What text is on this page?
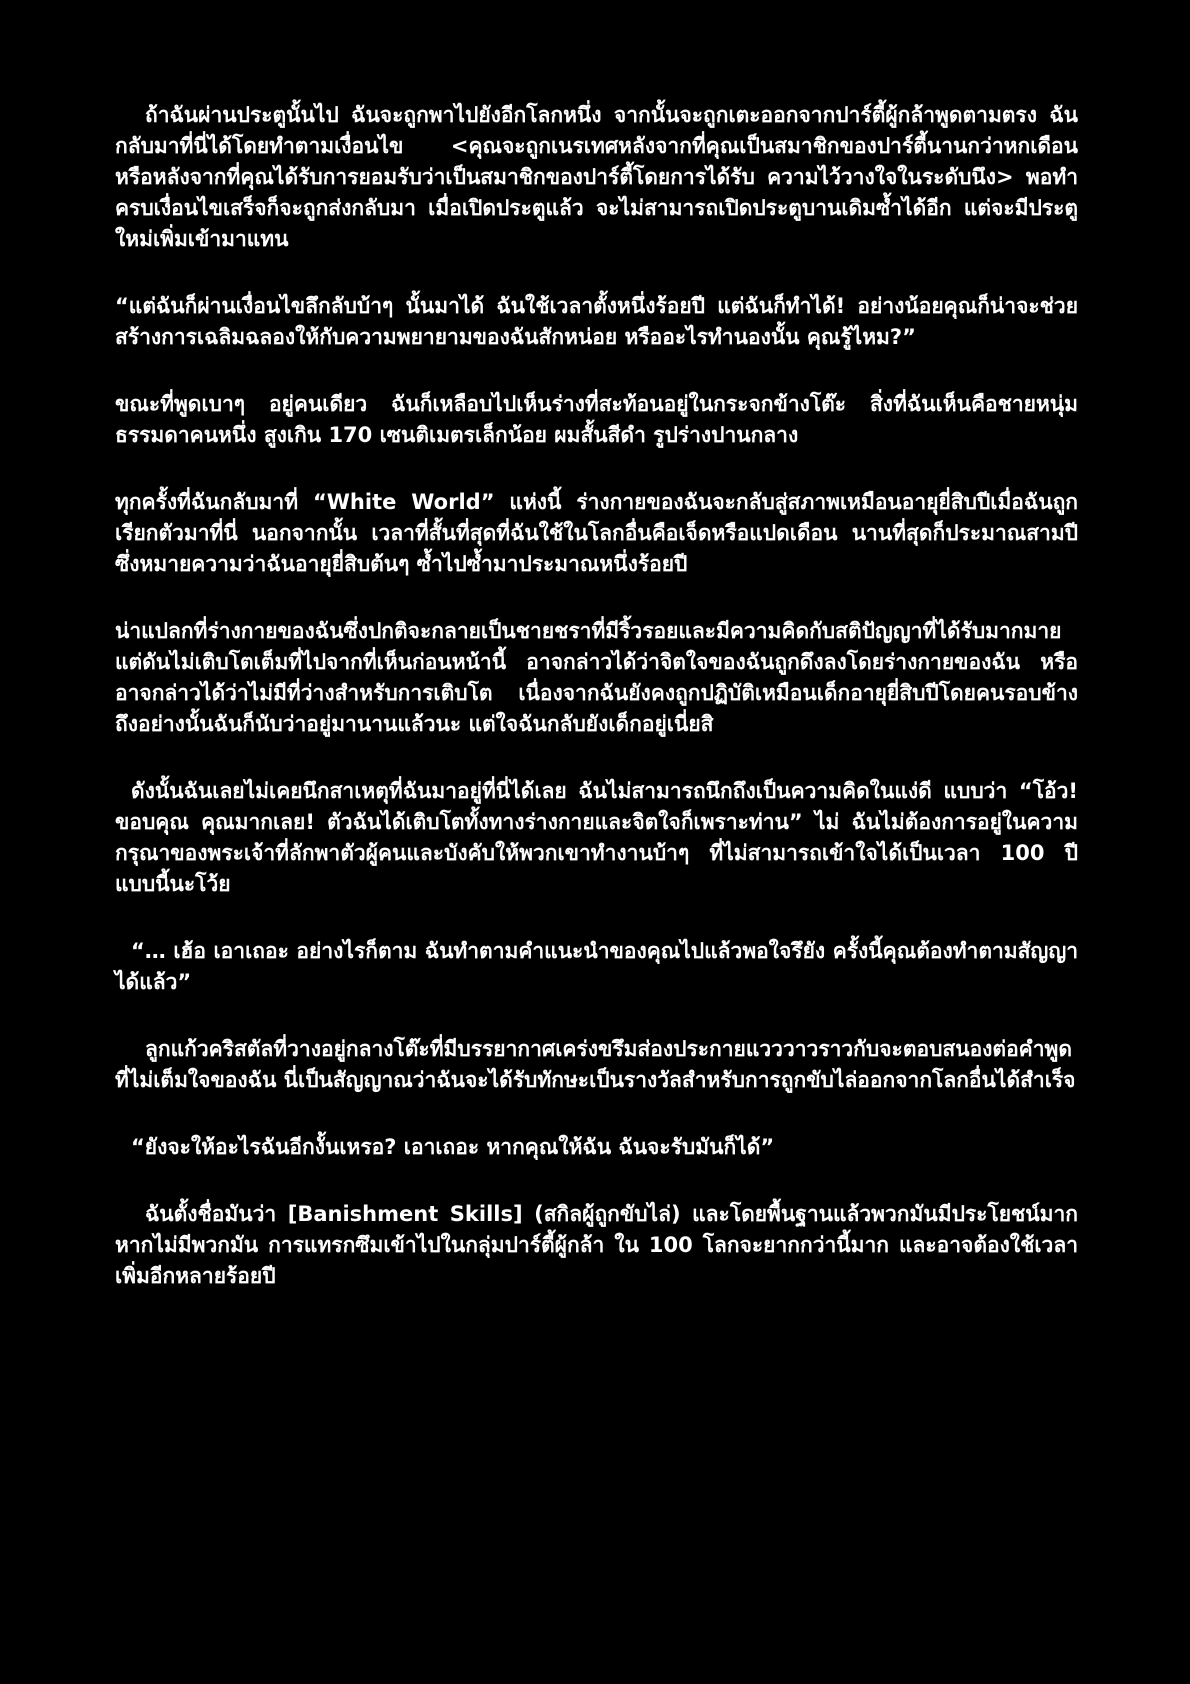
ถ้าฉันผ่านประตูนั้นไป ฉันจะถูกพาไปยังอีกโลกหนึ่ง จากนั้นจะถูกเตะออกจากปาร์ตี้ผู้กล้าพูดตามตรง ฉันกลับมาที่นี่ได้โดยทำตามเงื่อนไข <คุณจะถูกเนรเทศหลังจากที่คุณเป็นสมาชิกของปาร์ตี้นานกว่าหกเดือน หรือหลังจากที่คุณได้รับการยอมรับว่าเป็นสมาชิกของปาร์ตี้โดยการได้รับ ความไว้วางใจในระดับนึง> พอทำครบเงื่อนไขเสร็จก็จะถูกส่งกลับมา เมื่อเปิดประตูแล้ว จะไม่สามารถเปิดประตูบานเดิมซ้ำได้อีก แต่จะมีประตูใหม่เพิ่มเข้ามาแทน

“แต่ฉันก็ผ่านเงื่อนไขลึกลับบ้าๆ นั้นมาได้ ฉันใช้เวลาตั้งหนึ่งร้อยปี แต่ฉันก็ทำได้! อย่างน้อยคุณก็น่าจะช่วยสร้างการเฉลิมฉลองให้กับความพยายามของฉันสักหน่อย หรืออะไรทำนองนั้น คุณรู้ไหม?”

ขณะที่พูดเบาๆ อยู่คนเดียว ฉันก็เหลือบไปเห็นร่างที่สะท้อนอยู่ในกระจกข้างโต๊ะ สิ่งที่ฉันเห็นคือชายหนุ่มธรรมดาคนหนึ่ง สูงเกิน 170 เซนติเมตรเล็กน้อย ผมสั้นสีดำ รูปร่างปานกลาง

ทุกครั้งที่ฉันกลับมาที่ “White World” แห่งนี้ ร่างกายของฉันจะกลับสู่สภาพเหมือนอายุยี่สิบปีเมื่อฉันถูกเรียกตัวมาที่นี่ นอกจากนั้น เวลาที่สั้นที่สุดที่ฉันใช้ในโลกอื่นคือเจ็ดหรือแปดเดือน นานที่สุดก็ประมาณสามปี ซึ่งหมายความว่าฉันอายุยี่สิบต้นๆ ซ้ำไปซ้ำมาประมาณหนึ่งร้อยปี

น่าแปลกที่ร่างกายของฉันซึ่งปกติจะกลายเป็นชายชราที่มีริ้วรอยและมีความคิดกับสติปัญญาที่ได้รับมากมาย แต่ดันไม่เติบโตเต็มที่ไปจากที่เห็นก่อนหน้านี้ อาจกล่าวได้ว่าจิตใจของฉันถูกดึงลงโดยร่างกายของฉัน หรืออาจกล่าวได้ว่าไม่มีที่ว่างสำหรับการเติบโต เนื่องจากฉันยังคงถูกปฏิบัติเหมือนเด็กอายุยี่สิบปีโดยคนรอบข้าง ถึงอย่างนั้นฉันก็นับว่าอยู่มานานแล้วนะ แต่ใจฉันกลับยังเด็กอยู่เนี่ยสิ

ดังนั้นฉันเลยไม่เคยนึกสาเหตุที่ฉันมาอยู่ที่นี่ได้เลย ฉันไม่สามารถนึกถึงเป็นความคิดในแง่ดี แบบว่า “โอ้ว! ขอบคุณ คุณมากเลย! ตัวฉันได้เติบโตทั้งทางร่างกายและจิตใจก็เพราะท่าน” ไม่ ฉันไม่ต้องการอยู่ในความกรุณาของพระเจ้าที่ลักพาตัวผู้คนและบังคับให้พวกเขาทำงานบ้าๆ ที่ไม่สามารถเข้าใจได้เป็นเวลา 100 ปีแบบนี้นะโว้ย

“… เฮ้อ เอาเถอะ อย่างไรก็ตาม ฉันทำตามคำแนะนำของคุณไปแล้วพอใจรึยัง ครั้งนี้คุณต้องทำตามสัญญาได้แล้ว”

ลูกแก้วคริสตัลที่วางอยู่กลางโต๊ะที่มีบรรยากาศเคร่งขรึมส่องประกายแวววาวราวกับจะตอบสนองต่อคำพูดที่ไม่เต็มใจของฉัน นี่เป็นสัญญาณว่าฉันจะได้รับทักษะเป็นรางวัลสำหรับการถูกขับไล่ออกจากโลกอื่นได้สำเร็จ

“ยังจะให้อะไรฉันอีกงั้นเหรอ? เอาเถอะ หากคุณให้ฉัน ฉันจะรับมันก็ได้”

ฉันตั้งชื่อมันว่า [Banishment Skills] (สกิลผู้ถูกขับไล่) และโดยพื้นฐานแล้วพวกมันมีประโยชน์มาก หากไม่มีพวกมัน การแทรกซึมเข้าไปในกลุ่มปาร์ตี้ผู้กล้า ใน 100 โลกจะยากกว่านี้มาก และอาจต้องใช้เวลาเพิ่มอีกหลายร้อยปี
